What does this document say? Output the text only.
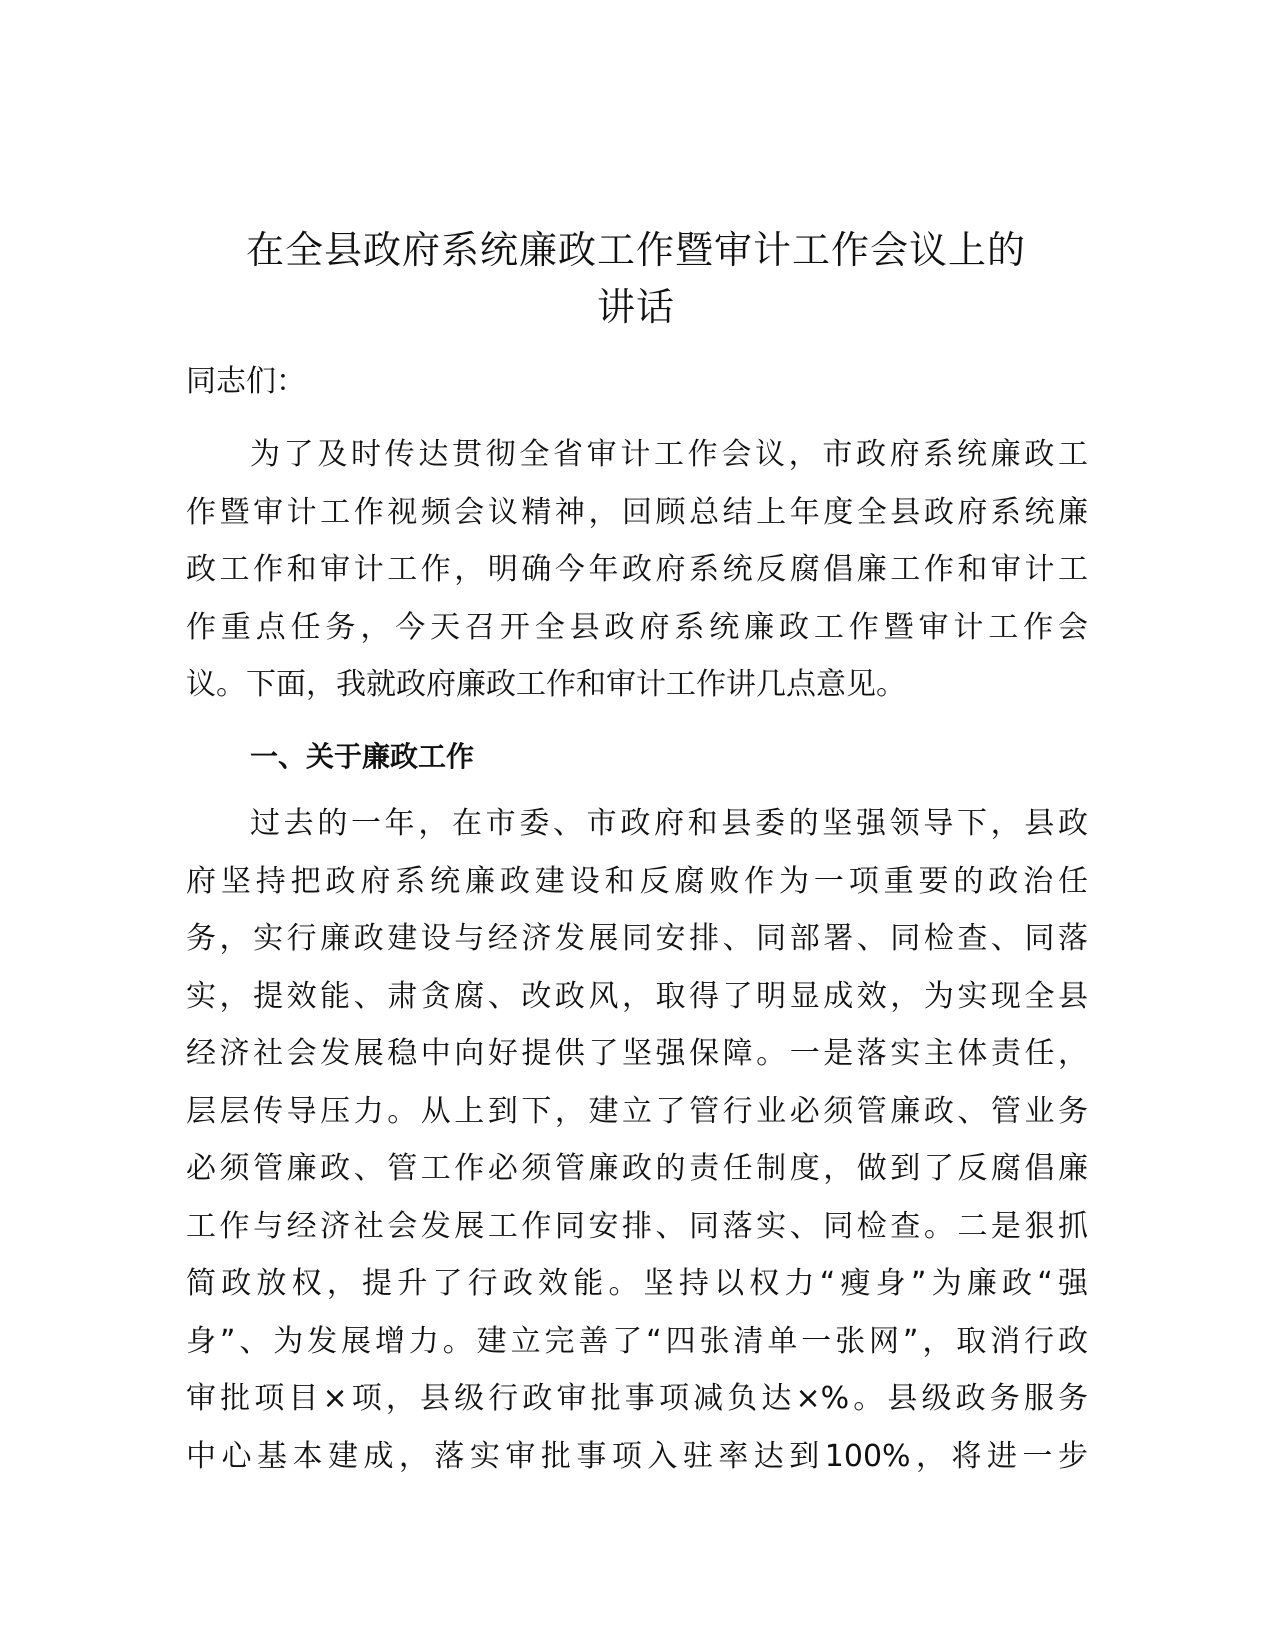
在全县政府系统廉政工作暨审计工作会议上的
讲话

同志们：

为了及时传达贯彻全省审计工作会议，市政府系统廉政工
作暨审计工作视频会议精神，回顾总结上年度全县政府系统廉
政工作和审计工作，明确今年政府系统反腐倡廉工作和审计工
作重点任务，今天召开全县政府系统廉政工作暨审计工作会
议。下面，我就政府廉政工作和审计工作讲几点意见。
一、关于廉政工作
过去的一年，在市委、市政府和县委的坚强领导下，县政
府坚持把政府系统廉政建设和反腐败作为一项重要的政治任
务，实行廉政建设与经济发展同安排、同部署、同检查、同落
实，提效能、肃贪腐、改政风，取得了明显成效，为实现全县
经济社会发展稳中向好提供了坚强保障。一是落实主体责任，
层层传导压力。从上到下，建立了管行业必须管廉政、管业务
必须管廉政、管工作必须管廉政的责任制度，做到了反腐倡廉
工作与经济社会发展工作同安排、同落实、同检查。二是狠抓
简政放权，提升了行政效能。坚持以权力“瘦身”为廉政“强
身”、为发展增力。建立完善了“四张清单一张网”，取消行政
审批项目×项，县级行政审批事项减负达×%。县级政务服务
中心基本建成，落实审批事项入驻率达到100%，将进一步
